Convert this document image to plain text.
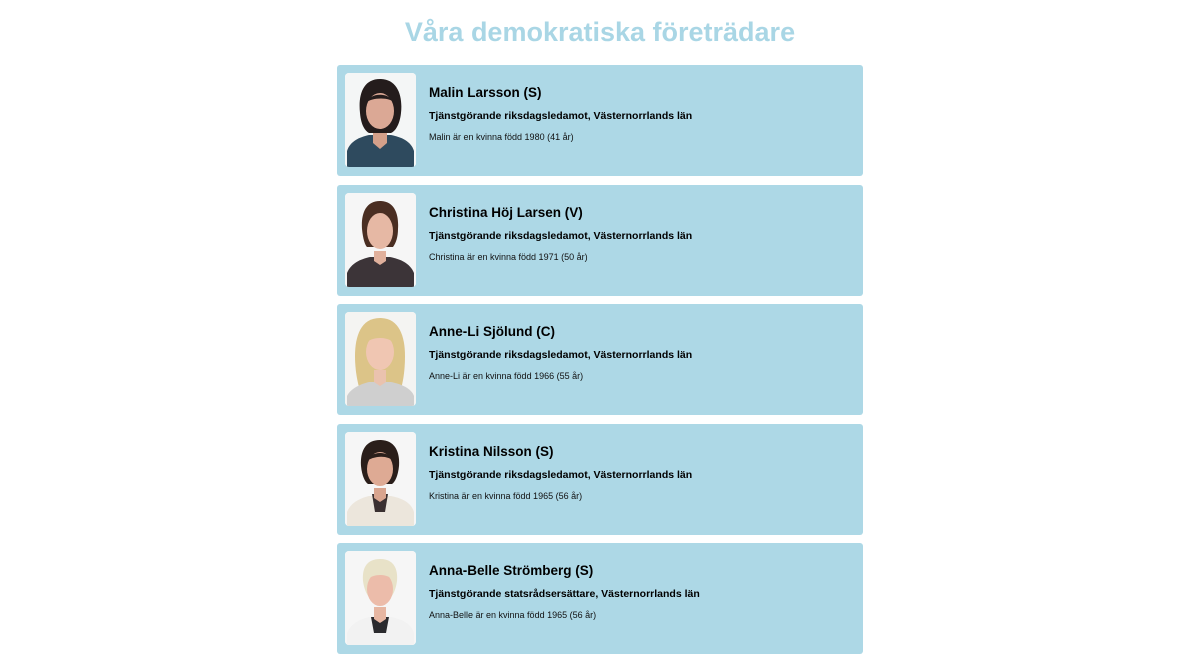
Våra demokratiska företrädare
Malin Larsson (S)

Tjänstgörande riksdagsledamot, Västernorrlands län

Malin är en kvinna född 1980 (41 år)

Christina Höj Larsen (V)

Tjänstgörande riksdagsledamot, Västernorrlands län

Christina är en kvinna född 1971 (50 år)

Anne-Li Sjölund (C)

Tjänstgörande riksdagsledamot, Västernorrlands län

Anne-Li är en kvinna född 1966 (55 år)

Kristina Nilsson (S)

Tjänstgörande riksdagsledamot, Västernorrlands län

Kristina är en kvinna född 1965 (56 år)

Anna-Belle Strömberg (S)

Tjänstgörande statsrådsersättare, Västernorrlands län

Anna-Belle är en kvinna född 1965 (56 år)
